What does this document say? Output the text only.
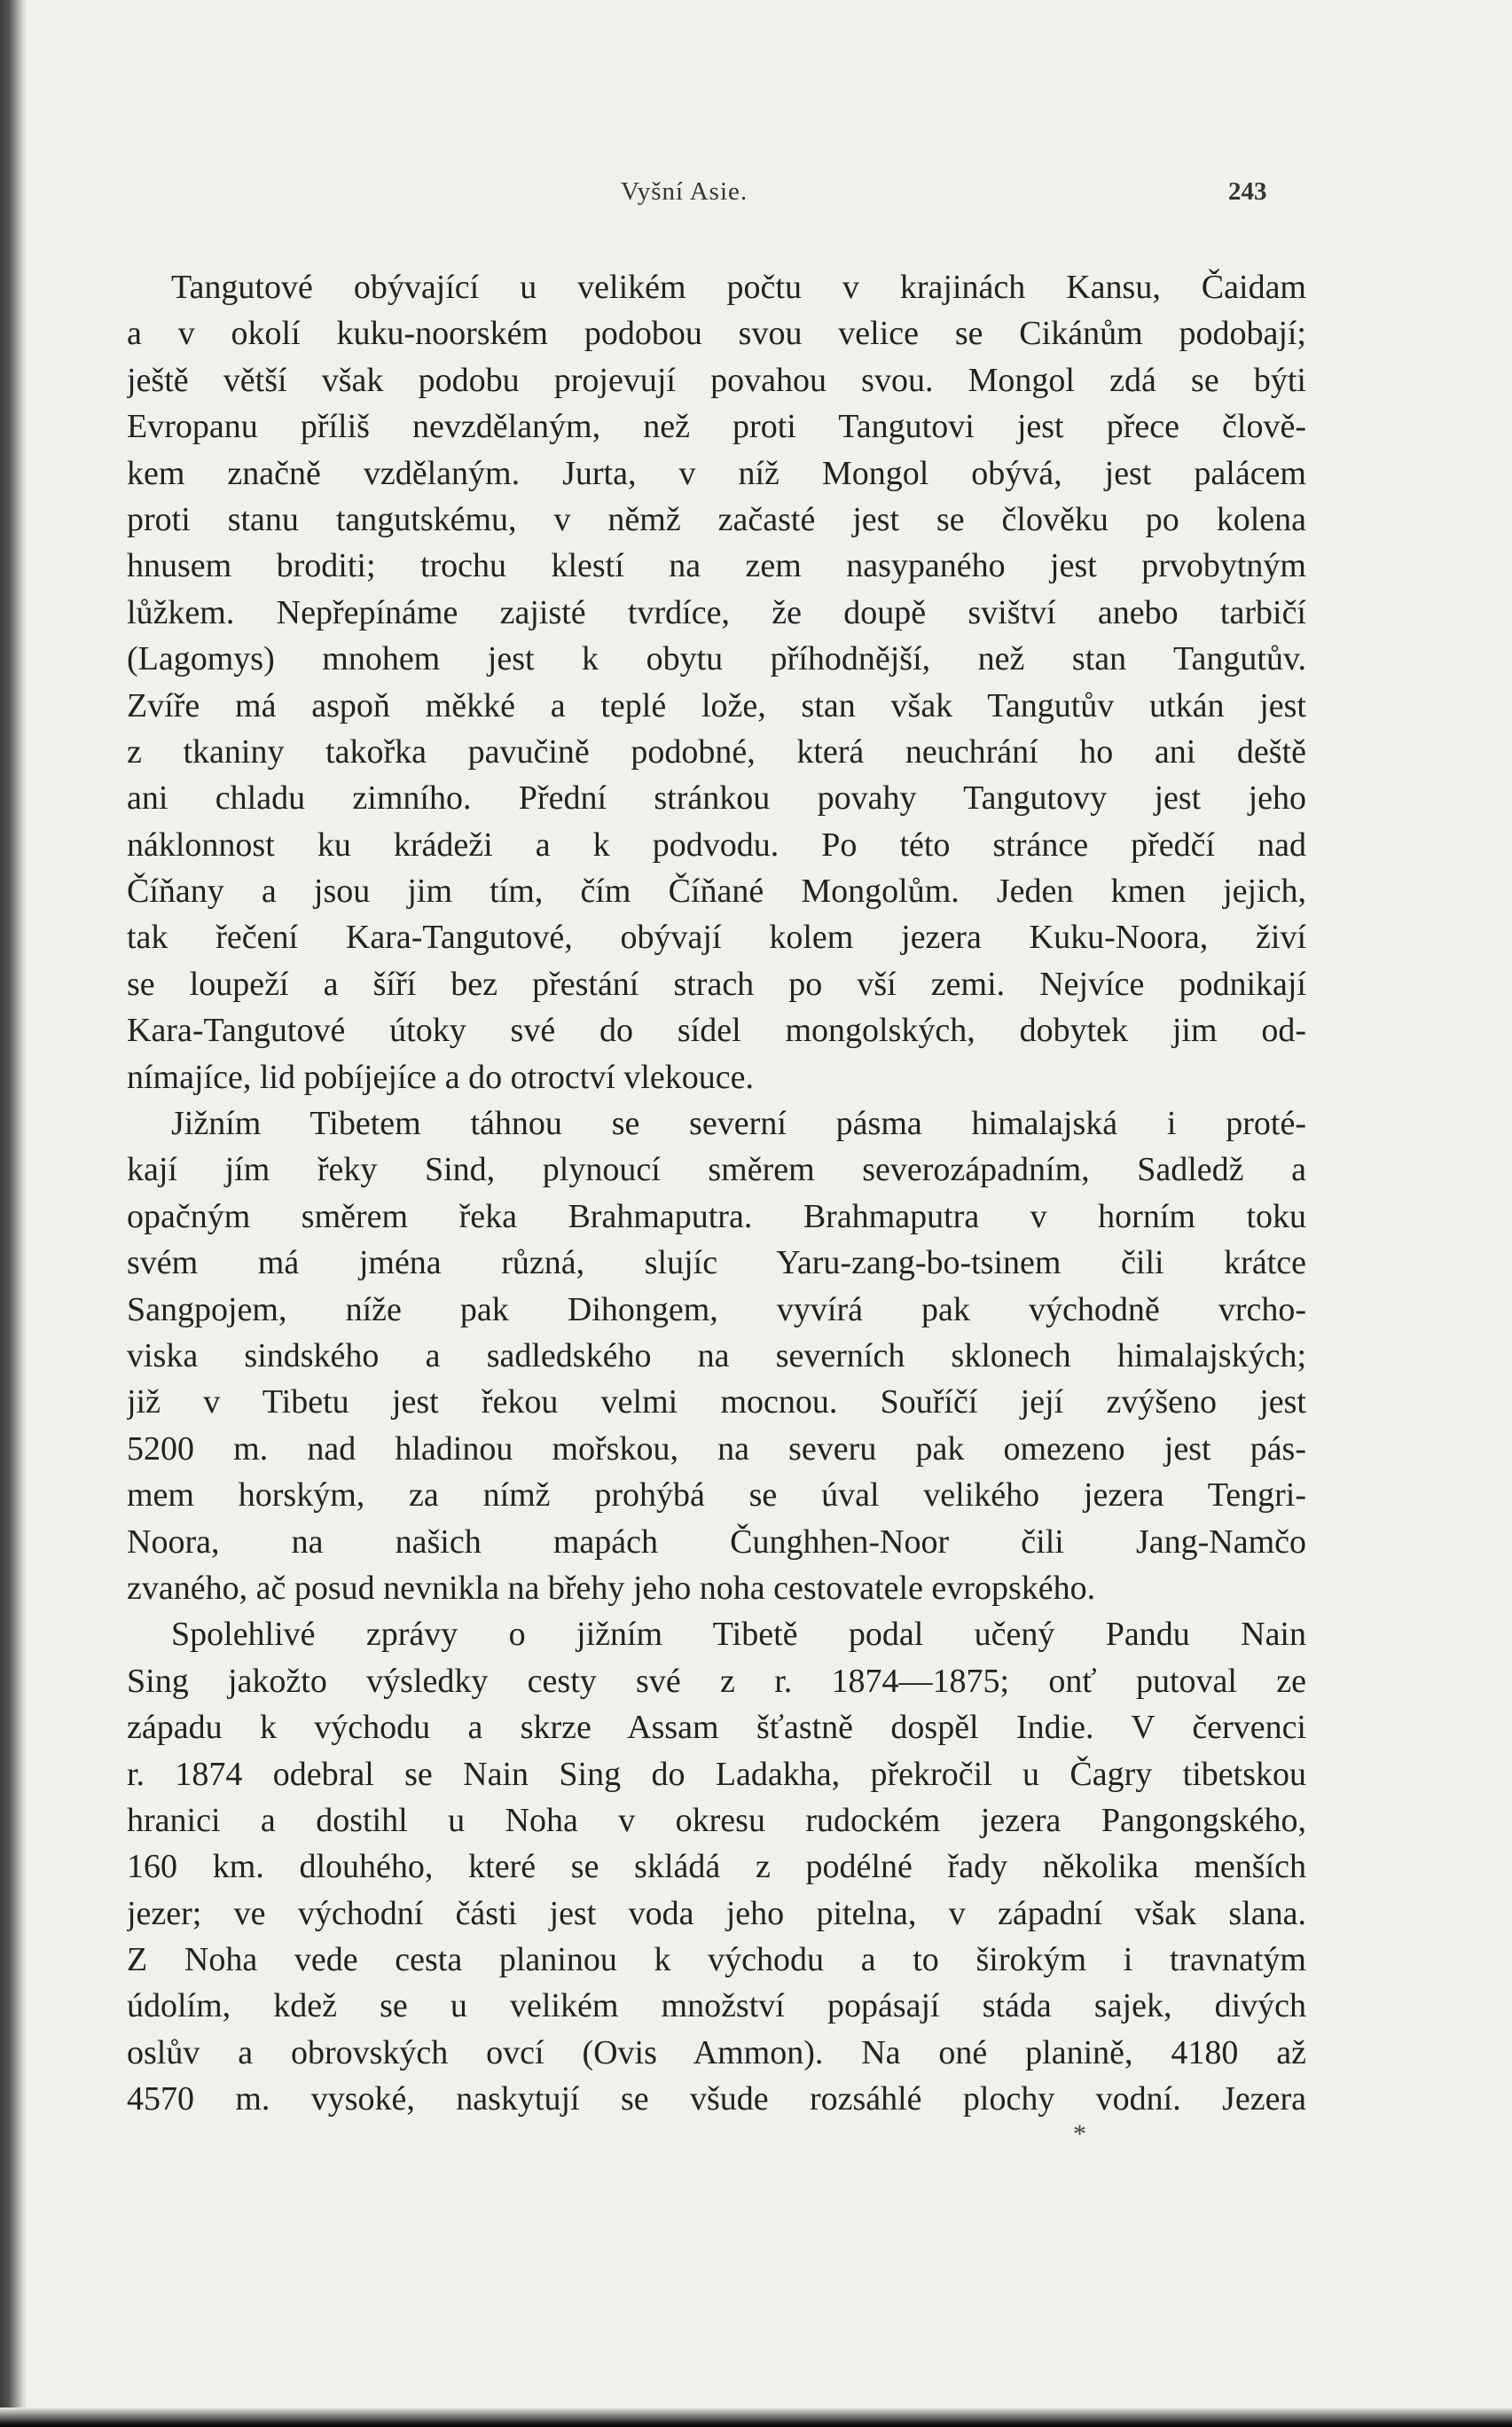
Vyšní Asie.	243
Tangutové obývající u velikém počtu v krajinách Kansu, Čaidam
a v okolí kuku-noorském podobou svou velice se Cikánům podobají;
ještě větší však podobu projevují povahou svou. Mongol zdá se býti
Evropanu příliš nevzdělaným, než proti Tangutovi jest přece člově-
kem značně vzdělaným. Jurta, v níž Mongol obývá, jest palácem
proti stanu tangutskému, v němž začasté jest se člověku po kolena
hnusem broditi; trochu klestí na zem nasypaného jest prvobytným
lůžkem. Nepřepínáme zajisté tvrdíce, že doupě svištví anebo tarbičí
(Lagomys) mnohem jest k obytu příhodnější, než stan Tangutův.
Zvíře má aspoň měkké a teplé lože, stan však Tangutův utkán jest
z tkaniny takořka pavučině podobné, která neuchrání ho ani deště
ani chladu zimního. Přední stránkou povahy Tangutovy jest jeho
náklonnost ku krádeži a k podvodu. Po této stránce předčí nad
Číňany a jsou jim tím, čím Číňané Mongolům. Jeden kmen jejich,
tak řečení Kara-Tangutové, obývají kolem jezera Kuku-Noora, živí
se loupeží a šíří bez přestání strach po vší zemi. Nejvíce podnikají
Kara-Tangutové útoky své do sídel mongolských, dobytek jim od-
nímajíce, lid pobíjejíce a do otroctví vlekouce.
Jižním Tibetem táhnou se severní pásma himalajská i proté-
kají jím řeky Sind, plynoucí směrem severozápadním, Sadledž a
opačným směrem řeka Brahmaputra. Brahmaputra v horním toku
svém má jména různá, slujíc Yaru-zang-bo-tsinem čili krátce
Sangpojem, níže pak Dihongem, vyvírá pak východně vrcho-
viska sindského a sadledského na severních sklonech himalajských;
již v Tibetu jest řekou velmi mocnou. Souříčí její zvýšeno jest
5200 m. nad hladinou mořskou, na severu pak omezeno jest pás-
mem horským, za nímž prohýbá se úval velikého jezera Tengri-
Noora, na našich mapách Čunghhen-Noor čili Jang-Namčo
zvaného, ač posud nevnikla na břehy jeho noha cestovatele evropského.
Spolehlivé zprávy o jižním Tibetě podal učený Pandu Nain
Sing jakožto výsledky cesty své z r. 1874—1875; onť putoval ze
západu k východu a skrze Assam šťastně dospěl Indie. V červenci
r. 1874 odebral se Nain Sing do Ladakha, překročil u Čagry tibetskou
hranici a dostihl u Noha v okresu rudockém jezera Pangongského,
160 km. dlouhého, které se skládá z podélné řady několika menších
jezer; ve východní části jest voda jeho pitelna, v západní však slana.
Z Noha vede cesta planinou k východu a to širokým i travnatým
údolím, kdež se u velikém množství popásají stáda sajek, divých
oslův a obrovských ovcí (Ovis Ammon). Na oné planině, 4180 až
4570 m. vysoké, naskytují se všude rozsáhlé plochy vodní. Jezera
*
